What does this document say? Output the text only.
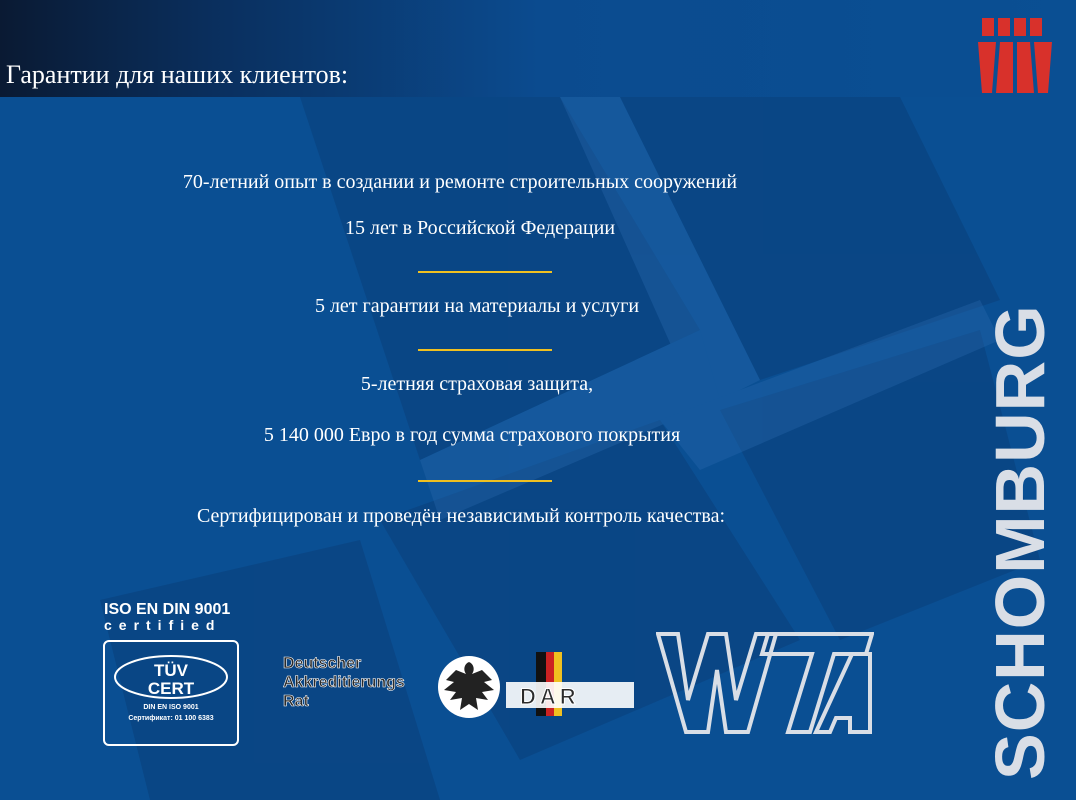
Гарантии для наших клиентов:
70-летний опыт в создании и ремонте строительных сооружений
15 лет в Российской Федерации
5 лет гарантии на материалы и услуги
5-летняя страховая защита,
5 140 000 Евро в год сумма страхового покрытия
Сертифицирован и проведён независимый контроль качества:
ISO EN DIN 9001
certified
TÜV
CERT
DIN EN ISO 9001
Сертификат: 01 100 6383
Deutscher Akkreditierungs Rat	DAR	SCHOMBURG
